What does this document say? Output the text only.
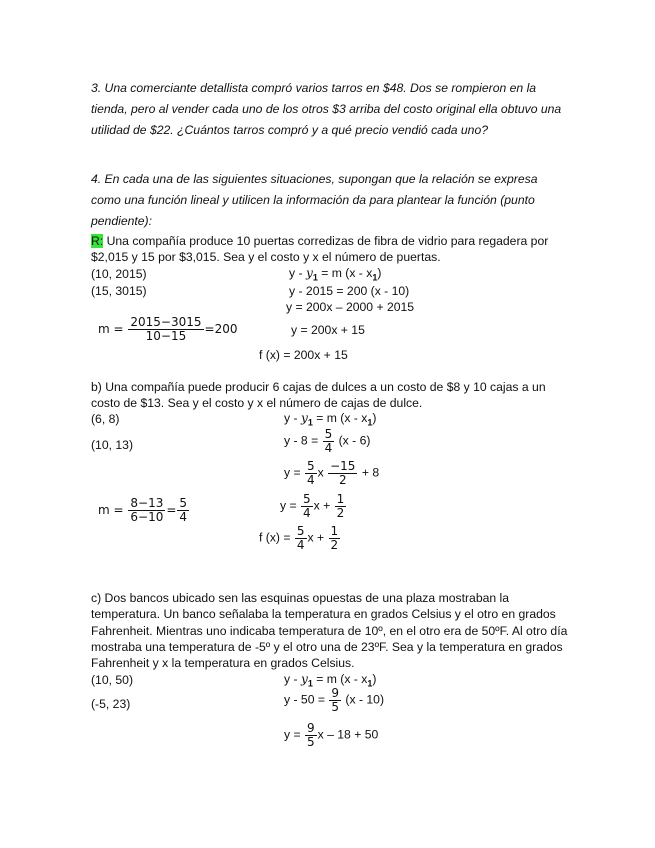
3. Una comerciante detallista compró varios tarros en $48. Dos se rompieron en la tienda, pero al vender cada uno de los otros $3 arriba del costo original ella obtuvo una utilidad de $22. ¿Cuántos tarros compró y a qué precio vendió cada uno?
4. En cada una de las siguientes situaciones, supongan que la relación se expresa como una función lineal y utilicen la información da para plantear la función (punto pendiente):
R: Una compañía produce 10 puertas corredizas de fibra de vidrio para regadera por $2,015 y 15 por $3,015. Sea y el costo y x el número de puertas.
(10, 2015)
(15, 3015)
$y - y_1 = m$ $(x - x_1)$
y - 2015 = 200 (x - 10)
y = 200x – 2000 + 2015
$m = \frac{2015-3015}{10-15} =200$	y = 200x + 15
f (x) = 200x + 15
b) Una compañía puede producir 6 cajas de dulces a un costo de $8 y 10 cajas a un costo de $13. Sea y el costo y x el número de cajas de dulce.
(6, 8)
(10, 13)
$y - y_1 = m$ $(x - x_1)$
$y - 8 = \frac{5}{4} (x - 6)$
$y = \frac{5}{4}$ x $\frac{-15}{2} + 8$
$m = \frac{8-13}{6-10} = \frac{5}{4}$	$y = \frac{5}{4}$ $x + \frac{1}{2}$
f $(x) = \frac{5}{4}$ $x + \frac{1}{2}$
c) Dos bancos ubicado sen las esquinas opuestas de una plaza mostraban la temperatura. Un banco señalaba la temperatura en grados Celsius y el otro en grados Fahrenheit. Mientras uno indicaba temperatura de 10º, en el otro era de 50ºF. Al otro día mostraba una temperatura de -5º y el otro una de 23ºF. Sea y la temperatura en grados Fahrenheit y x la temperatura en grados Celsius.
(10, 50)
(-5, 23)
$y - y_1 = m$ $(x - x_1)$
$y - 50 = \frac{9}{5} (x - 10)$
$y = \frac{9}{5}$ x – 18 + 50
